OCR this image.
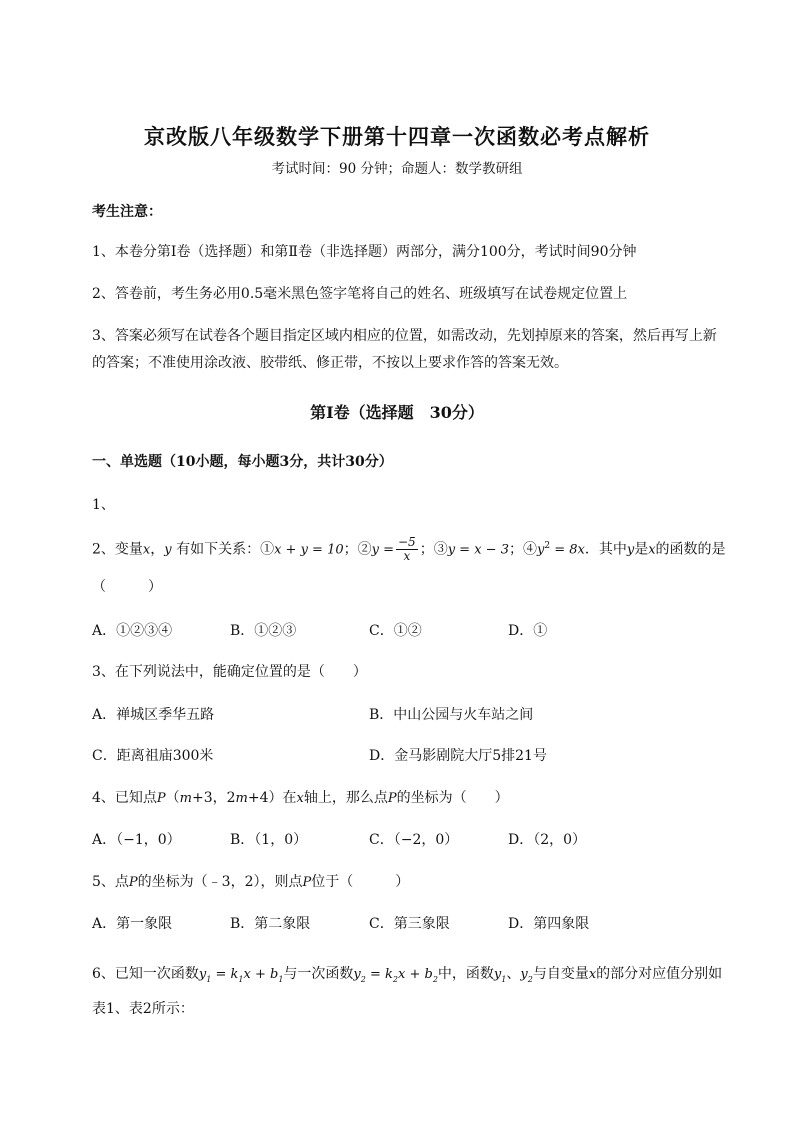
京改版八年级数学下册第十四章一次函数必考点解析
考试时间：90 分钟；命题人：数学教研组
考生注意：
1、本卷分第Ⅰ卷（选择题）和第Ⅱ卷（非选择题）两部分，满分100分，考试时间90分钟
2、答卷前，考生务必用0.5毫米黑色签字笔将自己的姓名、班级填写在试卷规定位置上
3、答案必须写在试卷各个题目指定区域内相应的位置，如需改动，先划掉原来的答案，然后再写上新
的答案；不准使用涂改液、胶带纸、修正带，不按以上要求作答的答案无效。
第Ⅰ卷（选择题　30分）
一、单选题（10小题，每小题3分，共计30分）
1、
2、变量x，y 有如下关系：①x + y = 10；②y = $\frac{-5}{x}$ ；③y = x − 3；$④y^2 = 8x$．其中y是x的函数的是
（　　　）
A．①②③④	B．①②③	C．①②	D．①
3、在下列说法中，能确定位置的是（　　）
A．禅城区季华五路	B．中山公园与火车站之间
C．距离祖庙300米	D．金马影剧院大厅5排21号
4、已知点P（m+3，2m+4）在x轴上，那么点P的坐标为（　　）
A．（−1，0）	B．（1，0）	C．（−2，0）	D．（2，0）
5、点P的坐标为（﹣3，2），则点P位于（　　　）
A．第一象限	B．第二象限	C．第三象限	D．第四象限
6、已知一次函数$y_1 = k_1x + b_1$与一次函数$y_2 = k_2x + b_2$中，函数$y_1$、$y_2$与自变量x的部分对应值分别如
表1、表2所示：
